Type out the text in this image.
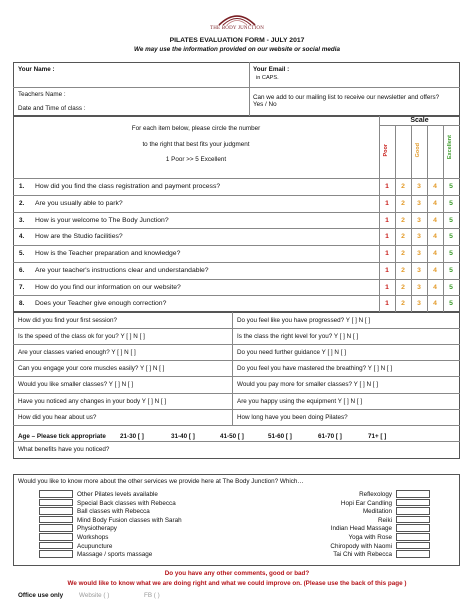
THE BODY JUNCTION
PILATES EVALUATION FORM - JULY 2017
We may use the information provided on our website or social media
Your Name :	Your Email :
in CAPS.
Teachers Name :
Date and Time of class :
Can we add to our mailing list to receive our newsletter and offers?   Yes / No
For each item below, please circle the number
to the right that best fits your judgment
1 Poor >> 5 Excellent
Scale
Poor	Good	Excellent
1. How did you find the class registration and payment process?	1	2	3	4	5
2. Are you usually able to park?	1	2	3	4	5
3. How is your welcome to The Body Junction?	1	2	3	4	5
4. How are the Studio facilities?	1	2	3	4	5
5. How is the Teacher preparation and knowledge?	1	2	3	4	5
6. Are your teacher's instructions clear and understandable?	1	2	3	4	5
7. How do you find our information on our website?	1	2	3	4	5
8. Does your Teacher give enough correction?	1	2	3	4	5
How did you find your first session?	Do you feel like you have progressed? Y [ ] N [ ]
Is the speed of the class ok for you? Y [ ] N [ ]	Is the class the right level for you? Y [ ] N [ ]
Are your classes varied enough? Y [ ] N [ ]	Do you need further guidance Y [ ] N [ ]
Can you engage your core muscles easily? Y [ ] N [ ]	Do you feel you have mastered the breathing? Y [ ] N [ ]
Would you like smaller classes? Y [ ] N [ ]	Would you pay more for smaller classes? Y [ ] N [ ]
Have you noticed any changes in your body Y [ ] N [ ]	Are you happy using the equipment Y [ ] N [ ]
How did you hear about us?	How long have you been doing Pilates?
Age – Please tick appropriate 21-30 [ ]	31-40 [ ]	41-50 [ ]	51-60 [ ]	61-70 [ ]	71+ [ ]
What benefits have you noticed?
Would you like to know more about the other services we provide here at The Body Junction? Which…
Other Pilates levels available
Special Back classes with Rebecca
Ball classes with Rebecca
Mind Body Fusion classes with Sarah
Physiotherapy
Workshops
Acupuncture
Massage / sports massage
Reflexology
Hopi Ear Candling
Meditation
Reiki
Indian Head Massage
Yoga with Rose
Chiropody with Naomi
Tai Chi with Rebecca
Do you have any other comments, good or bad?
We would like to know what we are doing right and what we could improve on. (Please use the back of this page )
Office use only	Website ( )	FB ( )
